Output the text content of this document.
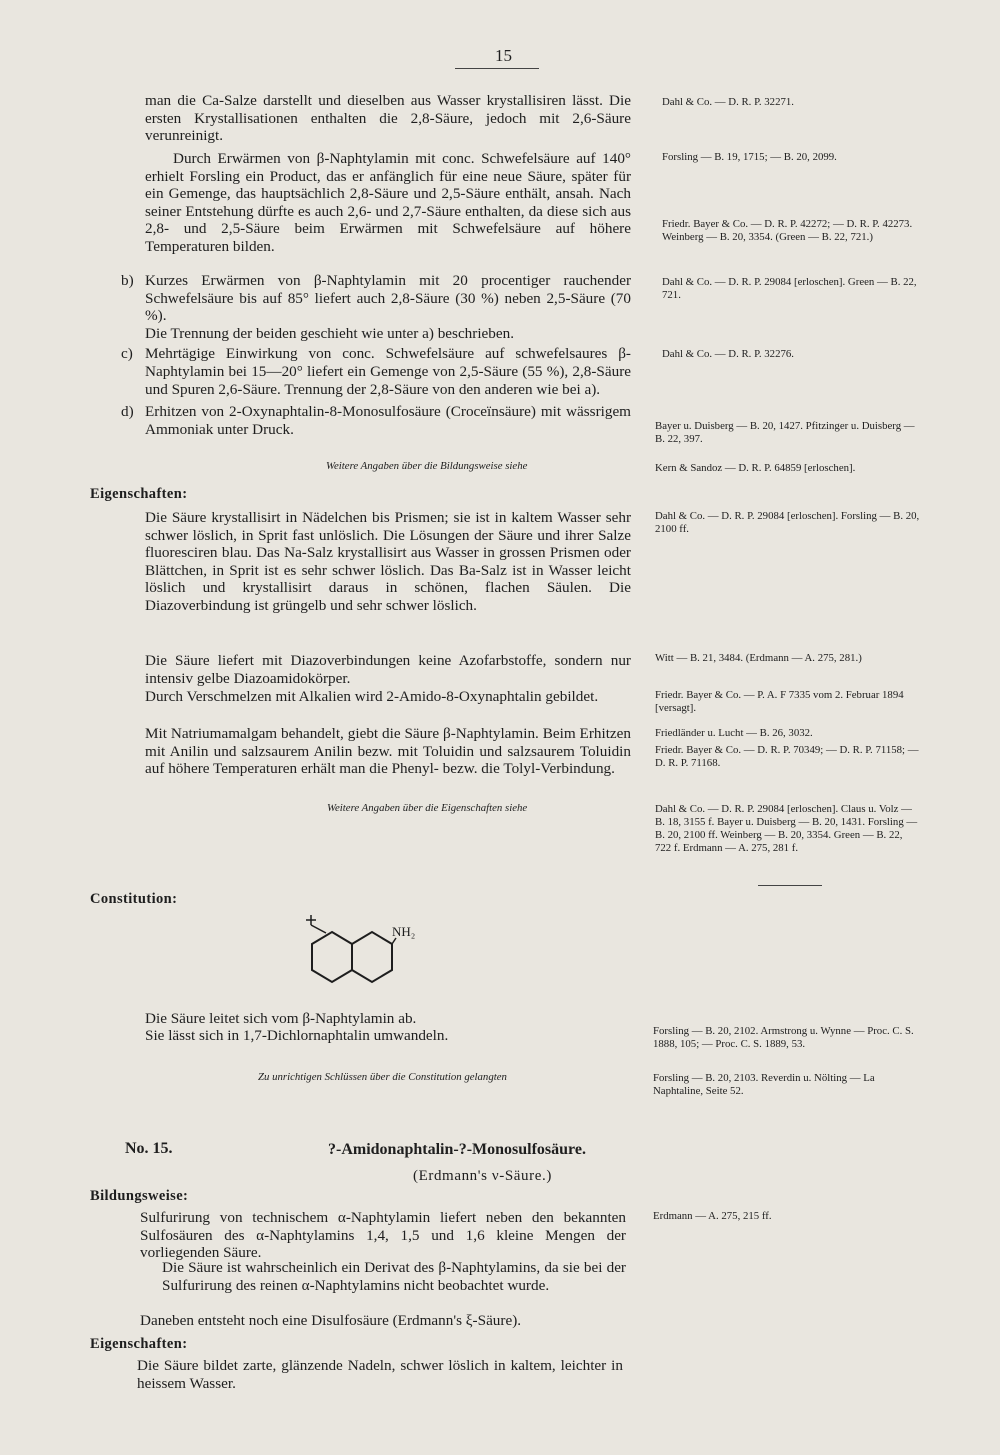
15
man die Ca-Salze darstellt und dieselben aus Wasser krystallisiren lässt. Die ersten Krystallisationen enthalten die 2,8-Säure, jedoch mit 2,6-Säure verunreinigt.
Durch Erwärmen von β-Naphtylamin mit conc. Schwefelsäure auf 140° erhielt Forsling ein Product, das er anfänglich für eine neue Säure, später für ein Gemenge, das hauptsächlich 2,8-Säure und 2,5-Säure enthält, ansah. Nach seiner Entstehung dürfte es auch 2,6- und 2,7-Säure enthalten, da diese sich aus 2,8- und 2,5-Säure beim Erwärmen mit Schwefelsäure auf höhere Temperaturen bilden.
b) Kurzes Erwärmen von β-Naphtylamin mit 20 procentiger rauchender Schwefelsäure bis auf 85° liefert auch 2,8-Säure (30 %) neben 2,5-Säure (70 %).
Die Trennung der beiden geschieht wie unter a) beschrieben.
c) Mehrtägige Einwirkung von conc. Schwefelsäure auf schwefelsaures β-Naphtylamin bei 15—20° liefert ein Gemenge von 2,5-Säure (55 %), 2,8-Säure und Spuren 2,6-Säure. Trennung der 2,8-Säure von den anderen wie bei a).
d) Erhitzen von 2-Oxynaphtalin-8-Monosulfosäure (Croceïnsäure) mit wässrigem Ammoniak unter Druck.
Weitere Angaben über die Bildungsweise siehe
Eigenschaften:
Die Säure krystallisirt in Nädelchen bis Prismen; sie ist in kaltem Wasser sehr schwer löslich, in Sprit fast unlöslich. Die Lösungen der Säure und ihrer Salze fluoresciren blau. Das Na-Salz krystallisirt aus Wasser in grossen Prismen oder Blättchen, in Sprit ist es sehr schwer löslich. Das Ba-Salz ist in Wasser leicht löslich und krystallisirt daraus in schönen, flachen Säulen. Die Diazoverbindung ist grüngelb und sehr schwer löslich.
Die Säure liefert mit Diazoverbindungen keine Azofarbstoffe, sondern nur intensiv gelbe Diazoamidokörper.
Durch Verschmelzen mit Alkalien wird 2-Amido-8-Oxynaphtalin gebildet.
Mit Natriumamalgam behandelt, giebt die Säure β-Naphtylamin. Beim Erhitzen mit Anilin und salzsaurem Anilin bezw. mit Toluidin und salzsaurem Toluidin auf höhere Temperaturen erhält man die Phenyl- bezw. die Tolyl-Verbindung.
Weitere Angaben über die Eigenschaften siehe
Constitution:
NH₂
Die Säure leitet sich vom β-Naphtylamin ab.
Sie lässt sich in 1,7-Dichlornaphtalin umwandeln.
Zu unrichtigen Schlüssen über die Constitution gelangten
No. 15.	?-Amidonaphtalin-?-Monosulfosäure.
(Erdmann's ν-Säure.)
Bildungsweise:
Sulfurirung von technischem α-Naphtylamin liefert neben den bekannten Sulfosäuren des α-Naphtylamins 1,4, 1,5 und 1,6 kleine Mengen der vorliegenden Säure.
Die Säure ist wahrscheinlich ein Derivat des β-Naphtylamins, da sie bei der Sulfurirung des reinen α-Naphtylamins nicht beobachtet wurde.
Daneben entsteht noch eine Disulfosäure (Erdmann's ξ-Säure).
Eigenschaften:
Die Säure bildet zarte, glänzende Nadeln, schwer löslich in kaltem, leichter in heissem Wasser.
Dahl & Co. — D. R. P. 32271.
Forsling — B. 19, 1715; — B. 20, 2099.
Friedr. Bayer & Co. — D. R. P. 42272; — D. R. P. 42273. Weinberg — B. 20, 3354. (Green — B. 22, 721.)
Dahl & Co. — D. R. P. 29084 [erloschen]. Green — B. 22, 721.
Dahl & Co. — D. R. P. 32276.
Bayer u. Duisberg — B. 20, 1427. Pfitzinger u. Duisberg — B. 22, 397.
Kern & Sandoz — D. R. P. 64859 [erloschen].
Dahl & Co. — D. R. P. 29084 [erloschen]. Forsling — B. 20, 2100 ff.
Witt — B. 21, 3484. (Erdmann — A. 275, 281.)
Friedr. Bayer & Co. — P. A. F 7335 vom 2. Februar 1894 [versagt].
Friedländer u. Lucht — B. 26, 3032.
Friedr. Bayer & Co. — D. R. P. 70349; — D. R. P. 71158; — D. R. P. 71168.
Dahl & Co. — D. R. P. 29084 [erloschen]. Claus u. Volz — B. 18, 3155 f. Bayer u. Duisberg — B. 20, 1431. Forsling — B. 20, 2100 ff. Weinberg — B. 20, 3354. Green — B. 22, 722 f. Erdmann — A. 275, 281 f.
Forsling — B. 20, 2102. Armstrong u. Wynne — Proc. C. S. 1888, 105; — Proc. C. S. 1889, 53.
Forsling — B. 20, 2103. Reverdin u. Nölting — La Naphtaline, Seite 52.
Erdmann — A. 275, 215 ff.
